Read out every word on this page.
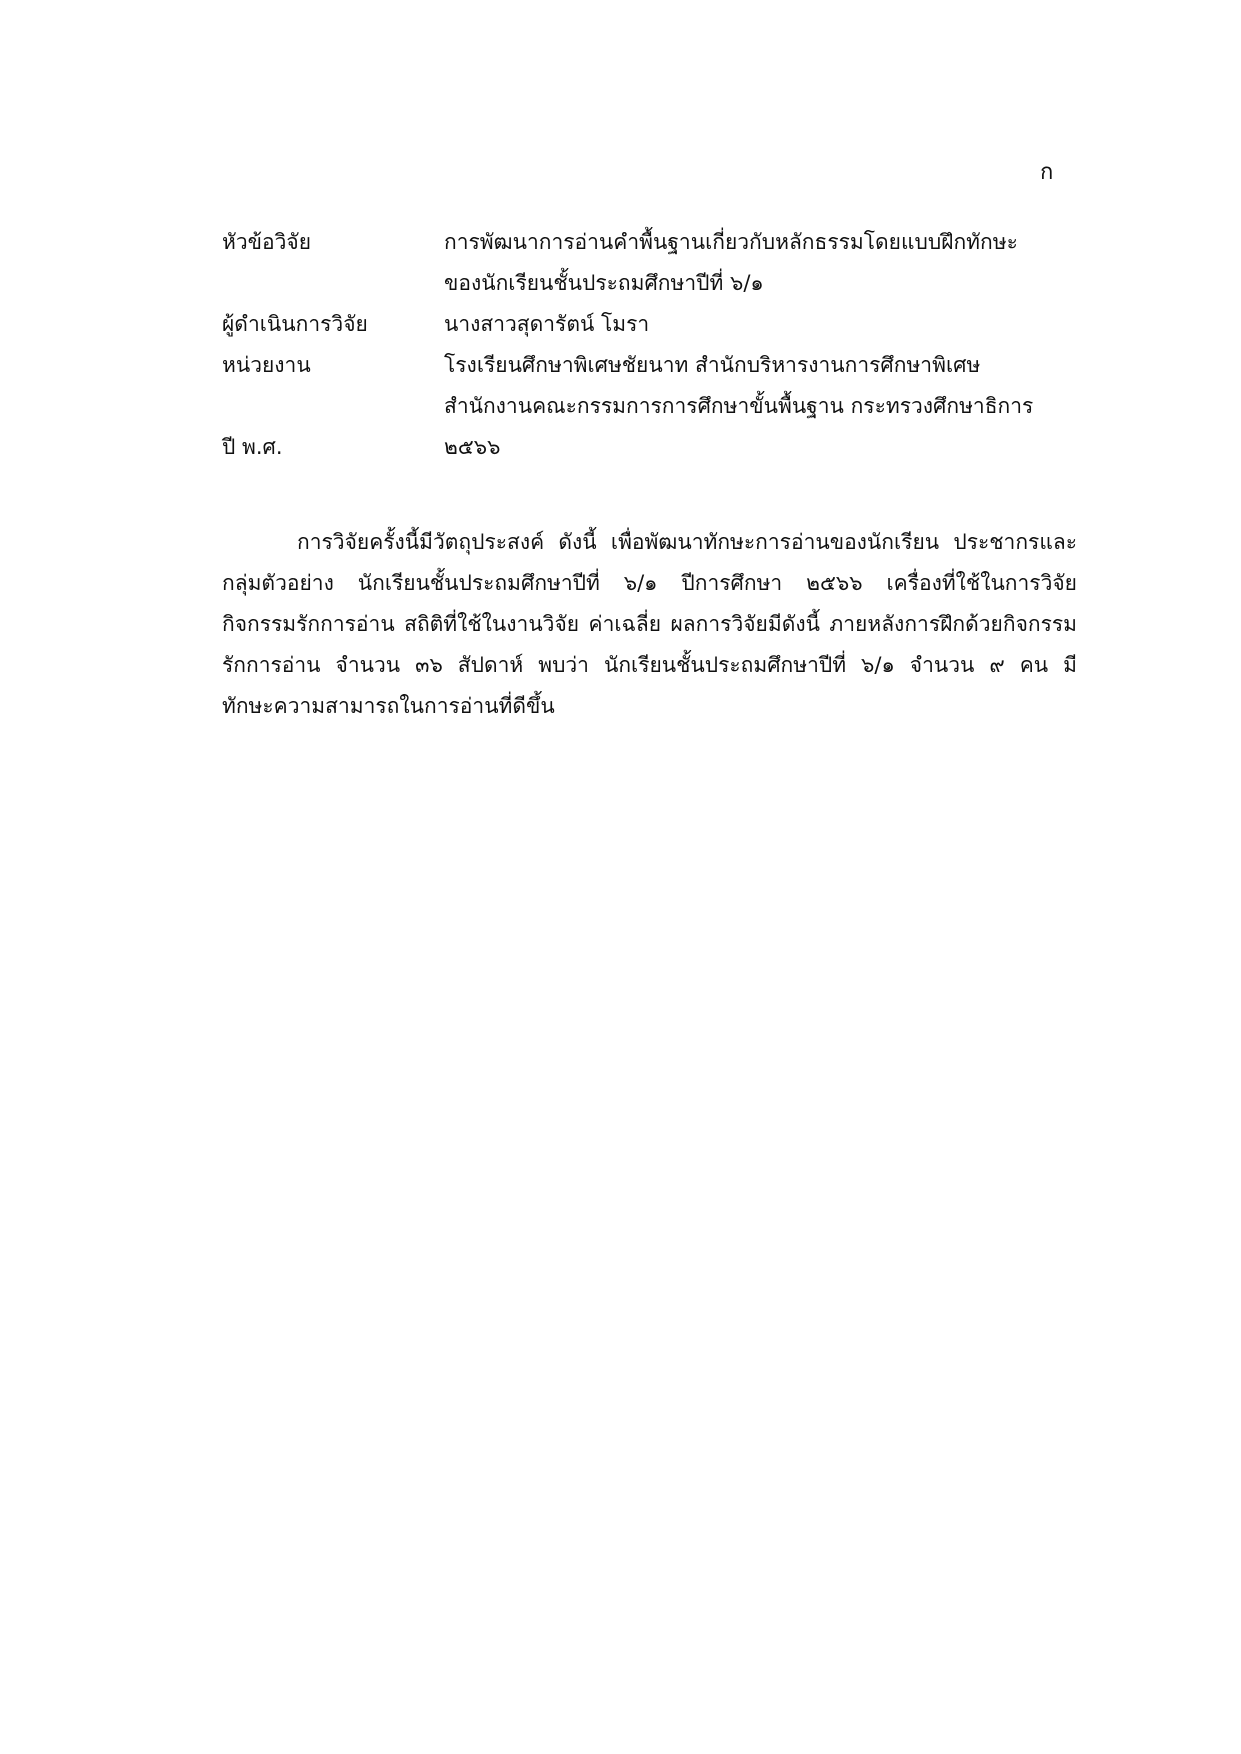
ก
หัวข้อวิจัย	การพัฒนาการอ่านคำพื้นฐานเกี่ยวกับหลักธรรมโดยแบบฝึกทักษะ
ของนักเรียนชั้นประถมศึกษาปีที่ ๖/๑
ผู้ดำเนินการวิจัย	นางสาวสุดารัตน์ โมรา
หน่วยงาน	โรงเรียนศึกษาพิเศษชัยนาท สำนักบริหารงานการศึกษาพิเศษ
สำนักงานคณะกรรมการการศึกษาขั้นพื้นฐาน กระทรวงศึกษาธิการ
ปี พ.ศ.	๒๕๖๖
การวิจัยครั้งนี้มีวัตถุประสงค์ ดังนี้ เพื่อพัฒนาทักษะการอ่านของนักเรียน ประชากรและ
กลุ่มตัวอย่าง นักเรียนชั้นประถมศึกษาปีที่ ๖/๑ ปีการศึกษา ๒๕๖๖ เครื่องที่ใช้ในการวิจัย
กิจกรรมรักการอ่าน สถิติที่ใช้ในงานวิจัย ค่าเฉลี่ย ผลการวิจัยมีดังนี้ ภายหลังการฝึกด้วยกิจกรรม
รักการอ่าน จำนวน ๓๖ สัปดาห์ พบว่า นักเรียนชั้นประถมศึกษาปีที่ ๖/๑ จำนวน ๙ คน มี
ทักษะความสามารถในการอ่านที่ดีขึ้น
